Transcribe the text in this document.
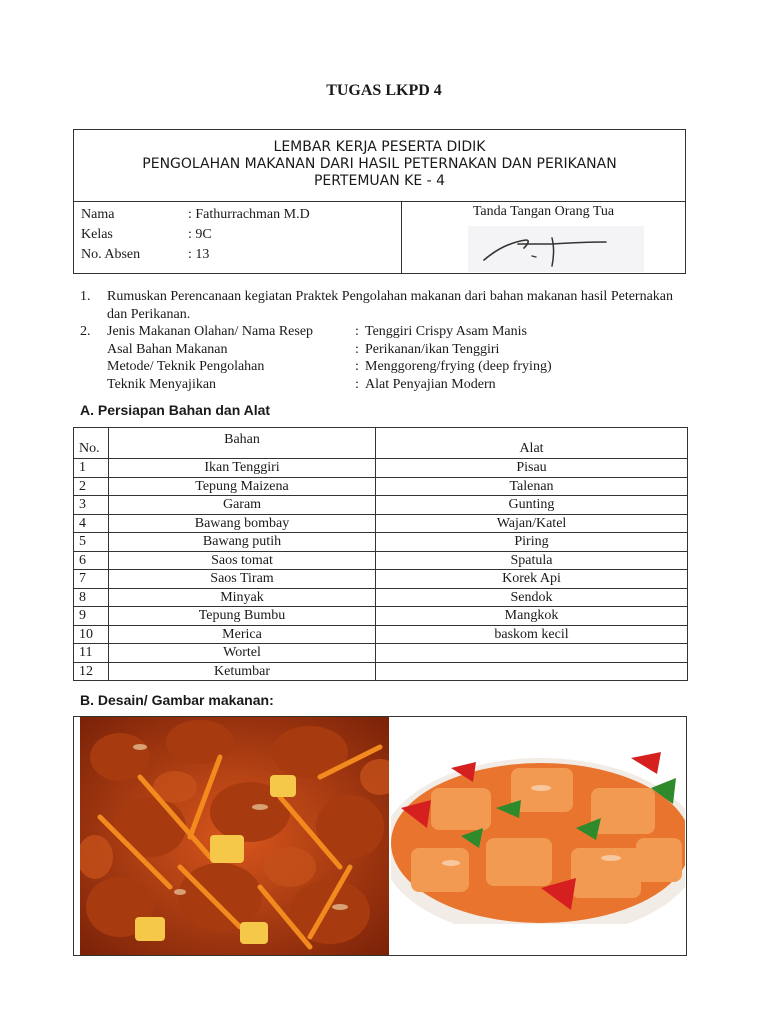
TUGAS LKPD 4
LEMBAR KERJA PESERTA DIDIK
PENGOLAHAN MAKANAN DARI HASIL PETERNAKAN DAN PERIKANAN
PERTEMUAN KE - 4
Nama	: Fathurrachman M.D
Kelas	: 9C
No. Absen	: 13
Tanda Tangan Orang Tua
1.	Rumuskan Perencanaan kegiatan Praktek Pengolahan makanan dari bahan makanan hasil Peternakan dan Perikanan.
2.	Jenis Makanan Olahan/ Nama Resep	: Tenggiri Crispy Asam Manis
Asal Bahan Makanan	: Perikanan/ikan Tenggiri
Metode/ Teknik Pengolahan	: Menggoreng/frying (deep frying)
Teknik Menyajikan	: Alat Penyajian Modern
A. Persiapan Bahan dan Alat
No.	Bahan	Alat
1	Ikan Tenggiri	Pisau
2	Tepung Maizena	Talenan
3	Garam	Gunting
4	Bawang bombay	Wajan/Katel
5	Bawang putih	Piring
6	Saos tomat	Spatula
7	Saos Tiram	Korek Api
8	Minyak	Sendok
9	Tepung Bumbu	Mangkok
10	Merica	baskom kecil
11	Wortel	
12	Ketumbar	
B. Desain/ Gambar makanan:
